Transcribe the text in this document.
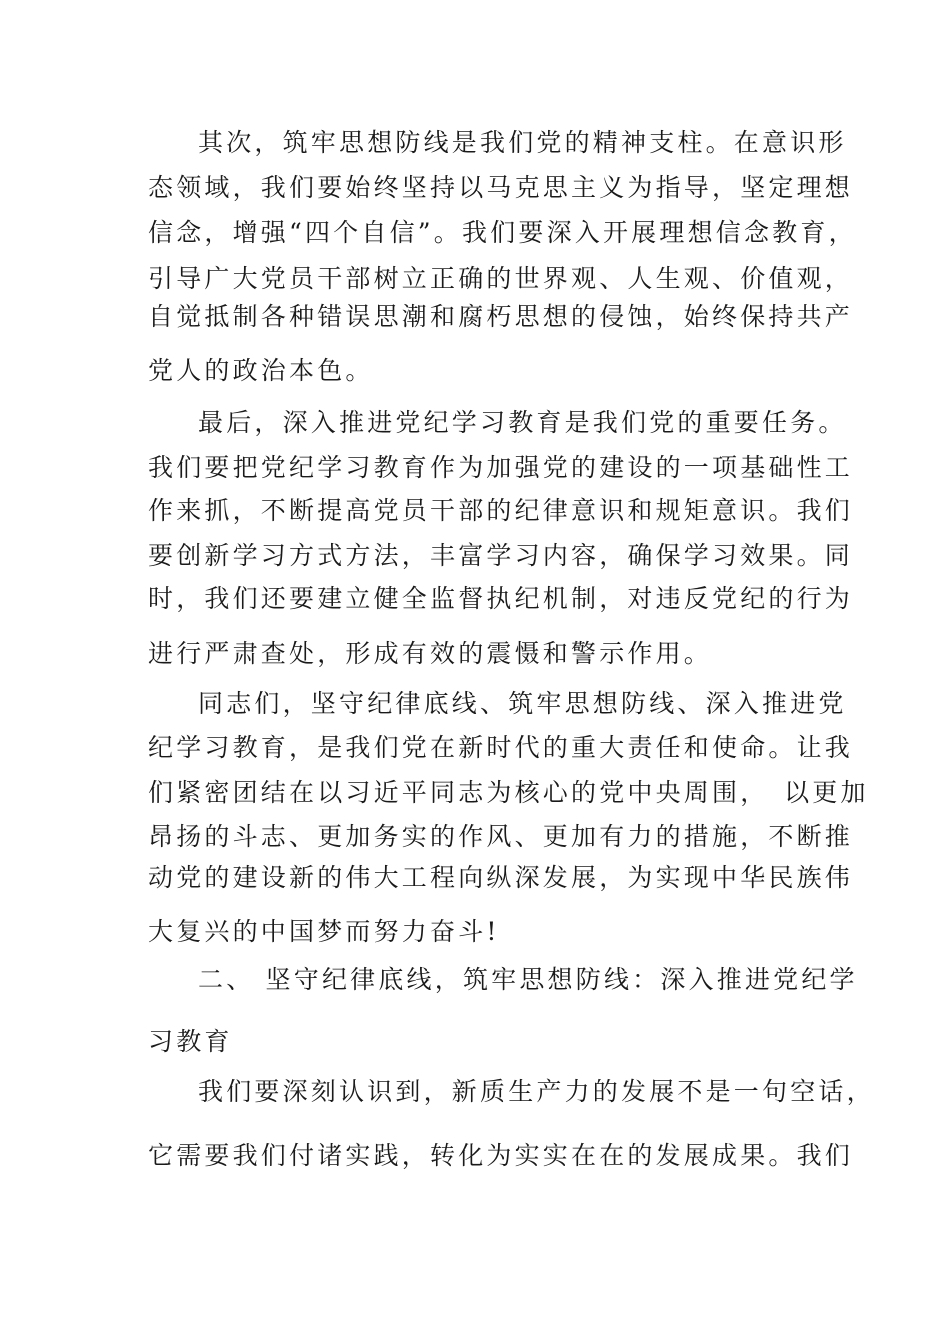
其次，筑牢思想防线是我们党的精神支柱。在意识形
态领域，我们要始终坚持以马克思主义为指导，坚定理想
信念，增强“四个自信”。我们要深入开展理想信念教育，
引导广大党员干部树立正确的世界观、人生观、价值观，
自觉抵制各种错误思潮和腐朽思想的侵蚀，始终保持共产
党人的政治本色。
最后，深入推进党纪学习教育是我们党的重要任务。
我们要把党纪学习教育作为加强党的建设的一项基础性工
作来抓，不断提高党员干部的纪律意识和规矩意识。我们
要创新学习方式方法，丰富学习内容，确保学习效果。同
时，我们还要建立健全监督执纪机制，对违反党纪的行为
进行严肃查处，形成有效的震慑和警示作用。
同志们，坚守纪律底线、筑牢思想防线、深入推进党
纪学习教育，是我们党在新时代的重大责任和使命。让我
们紧密团结在以习近平同志为核心的党中央周围，　以更加
昂扬的斗志、更加务实的作风、更加有力的措施，不断推
动党的建设新的伟大工程向纵深发展，为实现中华民族伟
大复兴的中国梦而努力奋斗!
二、 坚守纪律底线，筑牢思想防线：深入推进党纪学
习教育
我们要深刻认识到，新质生产力的发展不是一句空话，
它需要我们付诸实践，转化为实实在在的发展成果。我们
